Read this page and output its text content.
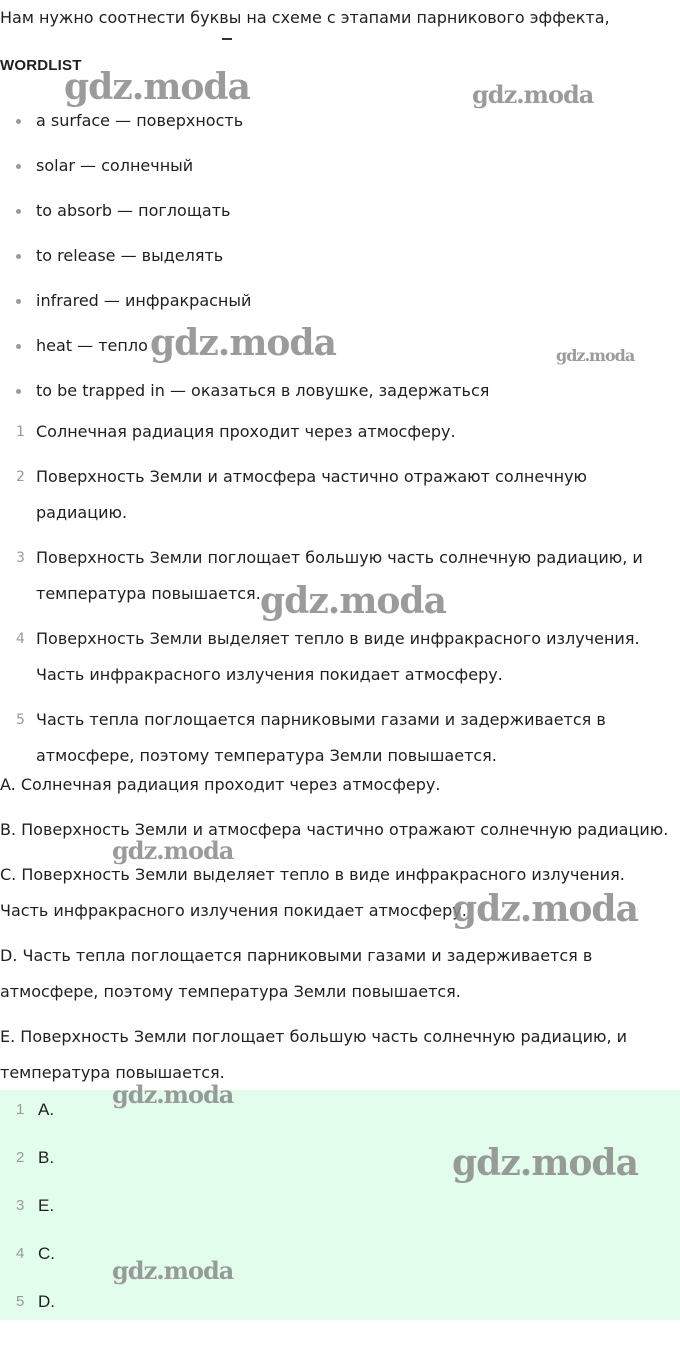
Нам нужно соотнести буквы на схеме с этапами парникового эффекта,
WORDLIST
a surface — поверхность
solar — солнечный
to absorb — поглощать
to release — выделять
infrared — инфракрасный
heat — тепло
to be trapped in — оказаться в ловушке, задержаться
1 Солнечная радиация проходит через атмосферу.
2 Поверхность Земли и атмосфера частично отражают солнечную радиацию.
3 Поверхность Земли поглощает большую часть солнечную радиацию, и температура повышается.
4 Поверхность Земли выделяет тепло в виде инфракрасного излучения. Часть инфракрасного излучения покидает атмосферу.
5 Часть тепла поглощается парниковыми газами и задерживается в атмосфере, поэтому температура Земли повышается.

A. Солнечная радиация проходит через атмосферу.

B. Поверхность Земли и атмосфера частично отражают солнечную радиацию.

C. Поверхность Земли выделяет тепло в виде инфракрасного излучения. Часть инфракрасного излучения покидает атмосферу.

D. Часть тепла поглощается парниковыми газами и задерживается в атмосфере, поэтому температура Земли повышается.

E. Поверхность Земли поглощает большую часть солнечную радиацию, и температура повышается.

1 A.
2 B.
3 E.
4 C.
5 D.
gdz.moda	gdz.moda
gdz.moda	gdz.moda
gdz.moda
gdz.moda
gdz.moda
gdz.moda
gdz.moda
gdz.moda
